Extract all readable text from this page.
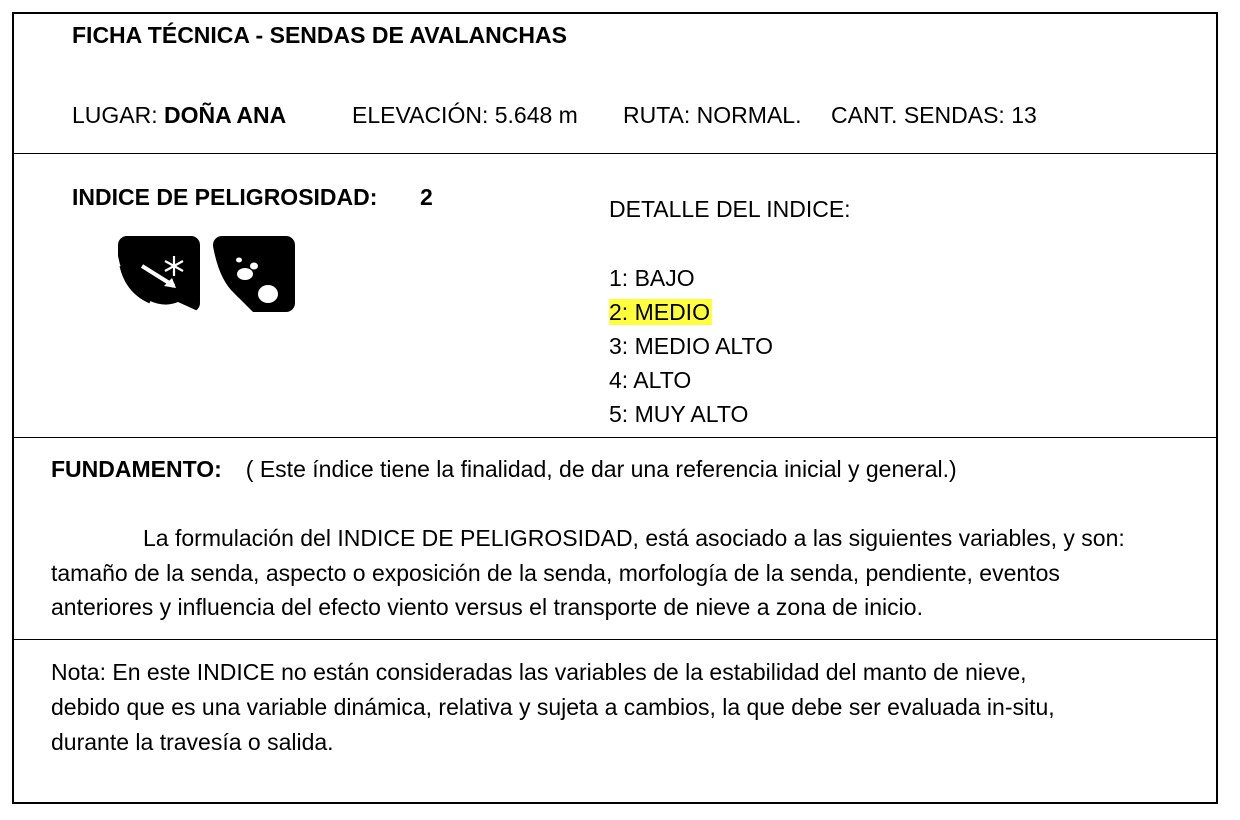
FICHA TÉCNICA - SENDAS DE AVALANCHAS
LUGAR: DOÑA ANA	ELEVACIÓN: 5.648 m RUTA: NORMAL. CANT. SENDAS: 13
INDICE DE PELIGROSIDAD: 2	DETALLE DEL INDICE:
1: BAJO
2: MEDIO
3: MEDIO ALTO
4: ALTO
5: MUY ALTO
FUNDAMENTO: ( Este índice tiene la finalidad, de dar una referencia inicial y general.)
La formulación del INDICE DE PELIGROSIDAD, está asociado a las siguientes variables, y son:
tamaño de la senda, aspecto o exposición de la senda, morfología de la senda, pendiente, eventos
anteriores y influencia del efecto viento versus el transporte de nieve a zona de inicio.
Nota: En este INDICE no están consideradas las variables de la estabilidad del manto de nieve,
debido que es una variable dinámica, relativa y sujeta a cambios, la que debe ser evaluada in-situ,
durante la travesía o salida.
